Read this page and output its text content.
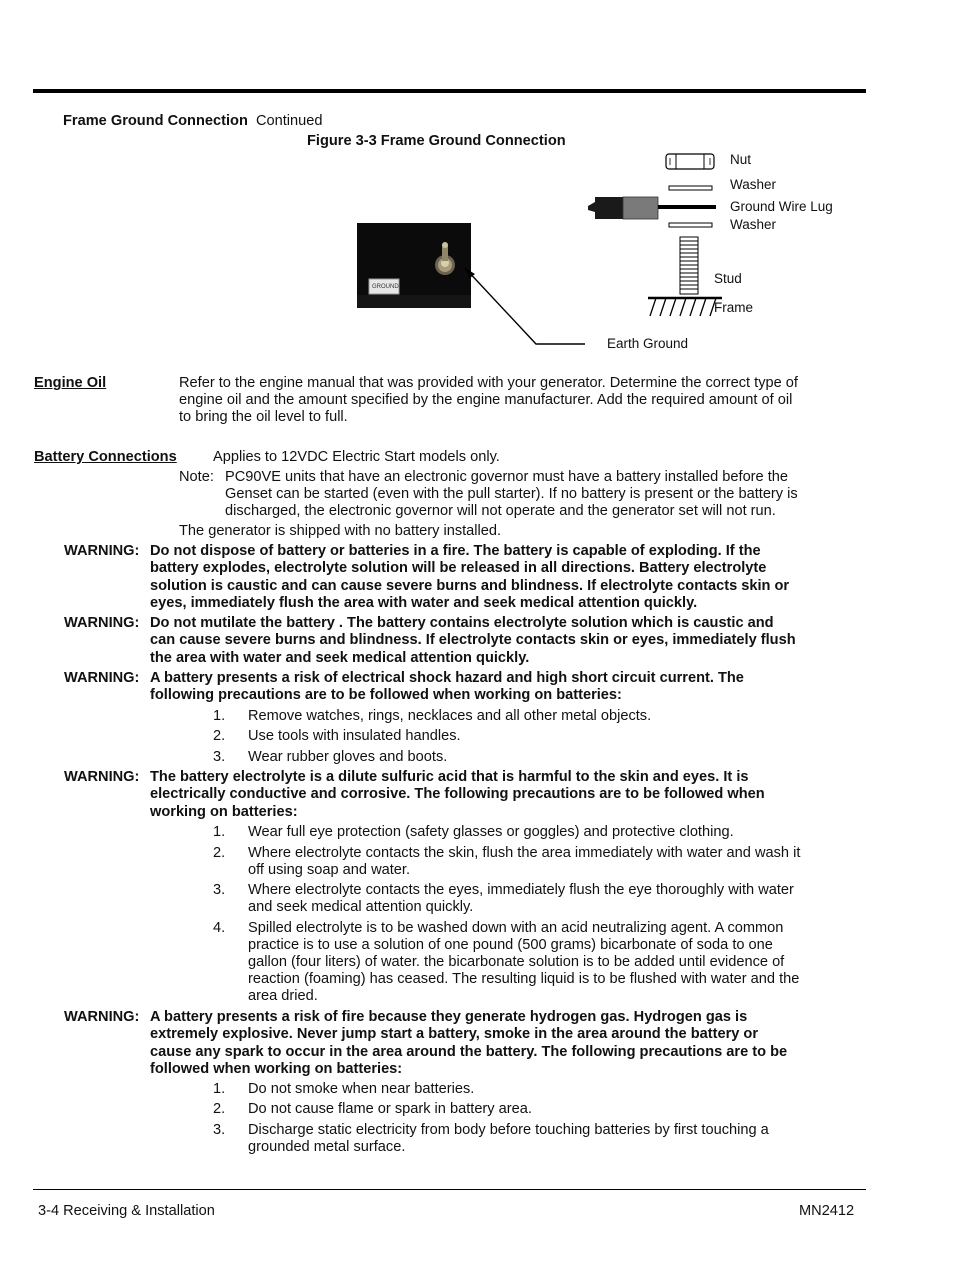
Frame Ground Connection Continued
Figure 3-3 Frame Ground Connection
GROUND
Nut
Washer
Ground Wire Lug
Washer
Stud
Frame
Earth Ground
Engine Oil	Refer to the engine manual that was provided with your generator. Determine the correct type of
engine oil and the amount specified by the engine manufacturer. Add the required amount of oil
to bring the oil level to full.
Battery Connections Applies to 12VDC Electric Start models only.
Note: PC90VE units that have an electronic governor must have a battery installed before the
Genset can be started (even with the pull starter). If no battery is present or the battery is
discharged, the electronic governor will not operate and the generator set will not run.
The generator is shipped with no battery installed.
WARNING: Do not dispose of battery or batteries in a fire. The battery is capable of exploding. If the
battery explodes, electrolyte solution will be released in all directions. Battery electrolyte
solution is caustic and can cause severe burns and blindness. If electrolyte contacts skin or
eyes, immediately flush the area with water and seek medical attention quickly.
WARNING: Do not mutilate the battery . The battery contains electrolyte solution which is caustic and
can cause severe burns and blindness. If electrolyte contacts skin or eyes, immediately flush
the area with water and seek medical attention quickly.
WARNING: A battery presents a risk of electrical shock hazard and high short circuit current. The
following precautions are to be followed when working on batteries:
1. Remove watches, rings, necklaces and all other metal objects.
2. Use tools with insulated handles.
3. Wear rubber gloves and boots.
WARNING: The battery electrolyte is a dilute sulfuric acid that is harmful to the skin and eyes. It is
electrically conductive and corrosive. The following precautions are to be followed when
working on batteries:
1. Wear full eye protection (safety glasses or goggles) and protective clothing.
2. Where electrolyte contacts the skin, flush the area immediately with water and wash it
off using soap and water.
3. Where electrolyte contacts the eyes, immediately flush the eye thoroughly with water
and seek medical attention quickly.
4. Spilled electrolyte is to be washed down with an acid neutralizing agent. A common
practice is to use a solution of one pound (500 grams) bicarbonate of soda to one
gallon (four liters) of water. the bicarbonate solution is to be added until evidence of
reaction (foaming) has ceased. The resulting liquid is to be flushed with water and the
area dried.
WARNING: A battery presents a risk of fire because they generate hydrogen gas. Hydrogen gas is
extremely explosive. Never jump start a battery, smoke in the area around the battery or
cause any spark to occur in the area around the battery. The following precautions are to be
followed when working on batteries:
1. Do not smoke when near batteries.
2. Do not cause flame or spark in battery area.
3. Discharge static electricity from body before touching batteries by first touching a
grounded metal surface.
3-4 Receiving & Installation	MN2412
